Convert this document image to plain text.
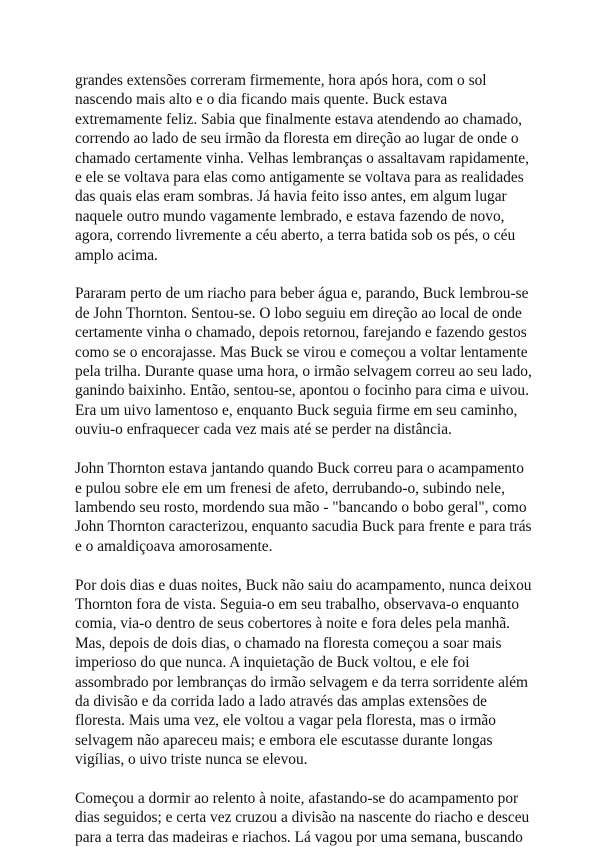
grandes extensões correram firmemente, hora após hora, com o sol nascendo mais alto e o dia ficando mais quente. Buck estava extremamente feliz. Sabia que finalmente estava atendendo ao chamado, correndo ao lado de seu irmão da floresta em direção ao lugar de onde o chamado certamente vinha. Velhas lembranças o assaltavam rapidamente, e ele se voltava para elas como antigamente se voltava para as realidades das quais elas eram sombras. Já havia feito isso antes, em algum lugar naquele outro mundo vagamente lembrado, e estava fazendo de novo, agora, correndo livremente a céu aberto, a terra batida sob os pés, o céu amplo acima.

Pararam perto de um riacho para beber água e, parando, Buck lembrou-se de John Thornton. Sentou-se. O lobo seguiu em direção ao local de onde certamente vinha o chamado, depois retornou, farejando e fazendo gestos como se o encorajasse. Mas Buck se virou e começou a voltar lentamente pela trilha. Durante quase uma hora, o irmão selvagem correu ao seu lado, ganindo baixinho. Então, sentou-se, apontou o focinho para cima e uivou. Era um uivo lamentoso e, enquanto Buck seguia firme em seu caminho, ouviu-o enfraquecer cada vez mais até se perder na distância.

John Thornton estava jantando quando Buck correu para o acampamento e pulou sobre ele em um frenesi de afeto, derrubando-o, subindo nele, lambendo seu rosto, mordendo sua mão - "bancando o bobo geral", como John Thornton caracterizou, enquanto sacudia Buck para frente e para trás e o amaldiçoava amorosamente.

Por dois dias e duas noites, Buck não saiu do acampamento, nunca deixou Thornton fora de vista. Seguia-o em seu trabalho, observava-o enquanto comia, via-o dentro de seus cobertores à noite e fora deles pela manhã. Mas, depois de dois dias, o chamado na floresta começou a soar mais imperioso do que nunca. A inquietação de Buck voltou, e ele foi assombrado por lembranças do irmão selvagem e da terra sorridente além da divisão e da corrida lado a lado através das amplas extensões de floresta. Mais uma vez, ele voltou a vagar pela floresta, mas o irmão selvagem não apareceu mais; e embora ele escutasse durante longas vigílias, o uivo triste nunca se elevou.

Começou a dormir ao relento à noite, afastando-se do acampamento por dias seguidos; e certa vez cruzou a divisão na nascente do riacho e desceu para a terra das madeiras e riachos. Lá vagou por uma semana, buscando
